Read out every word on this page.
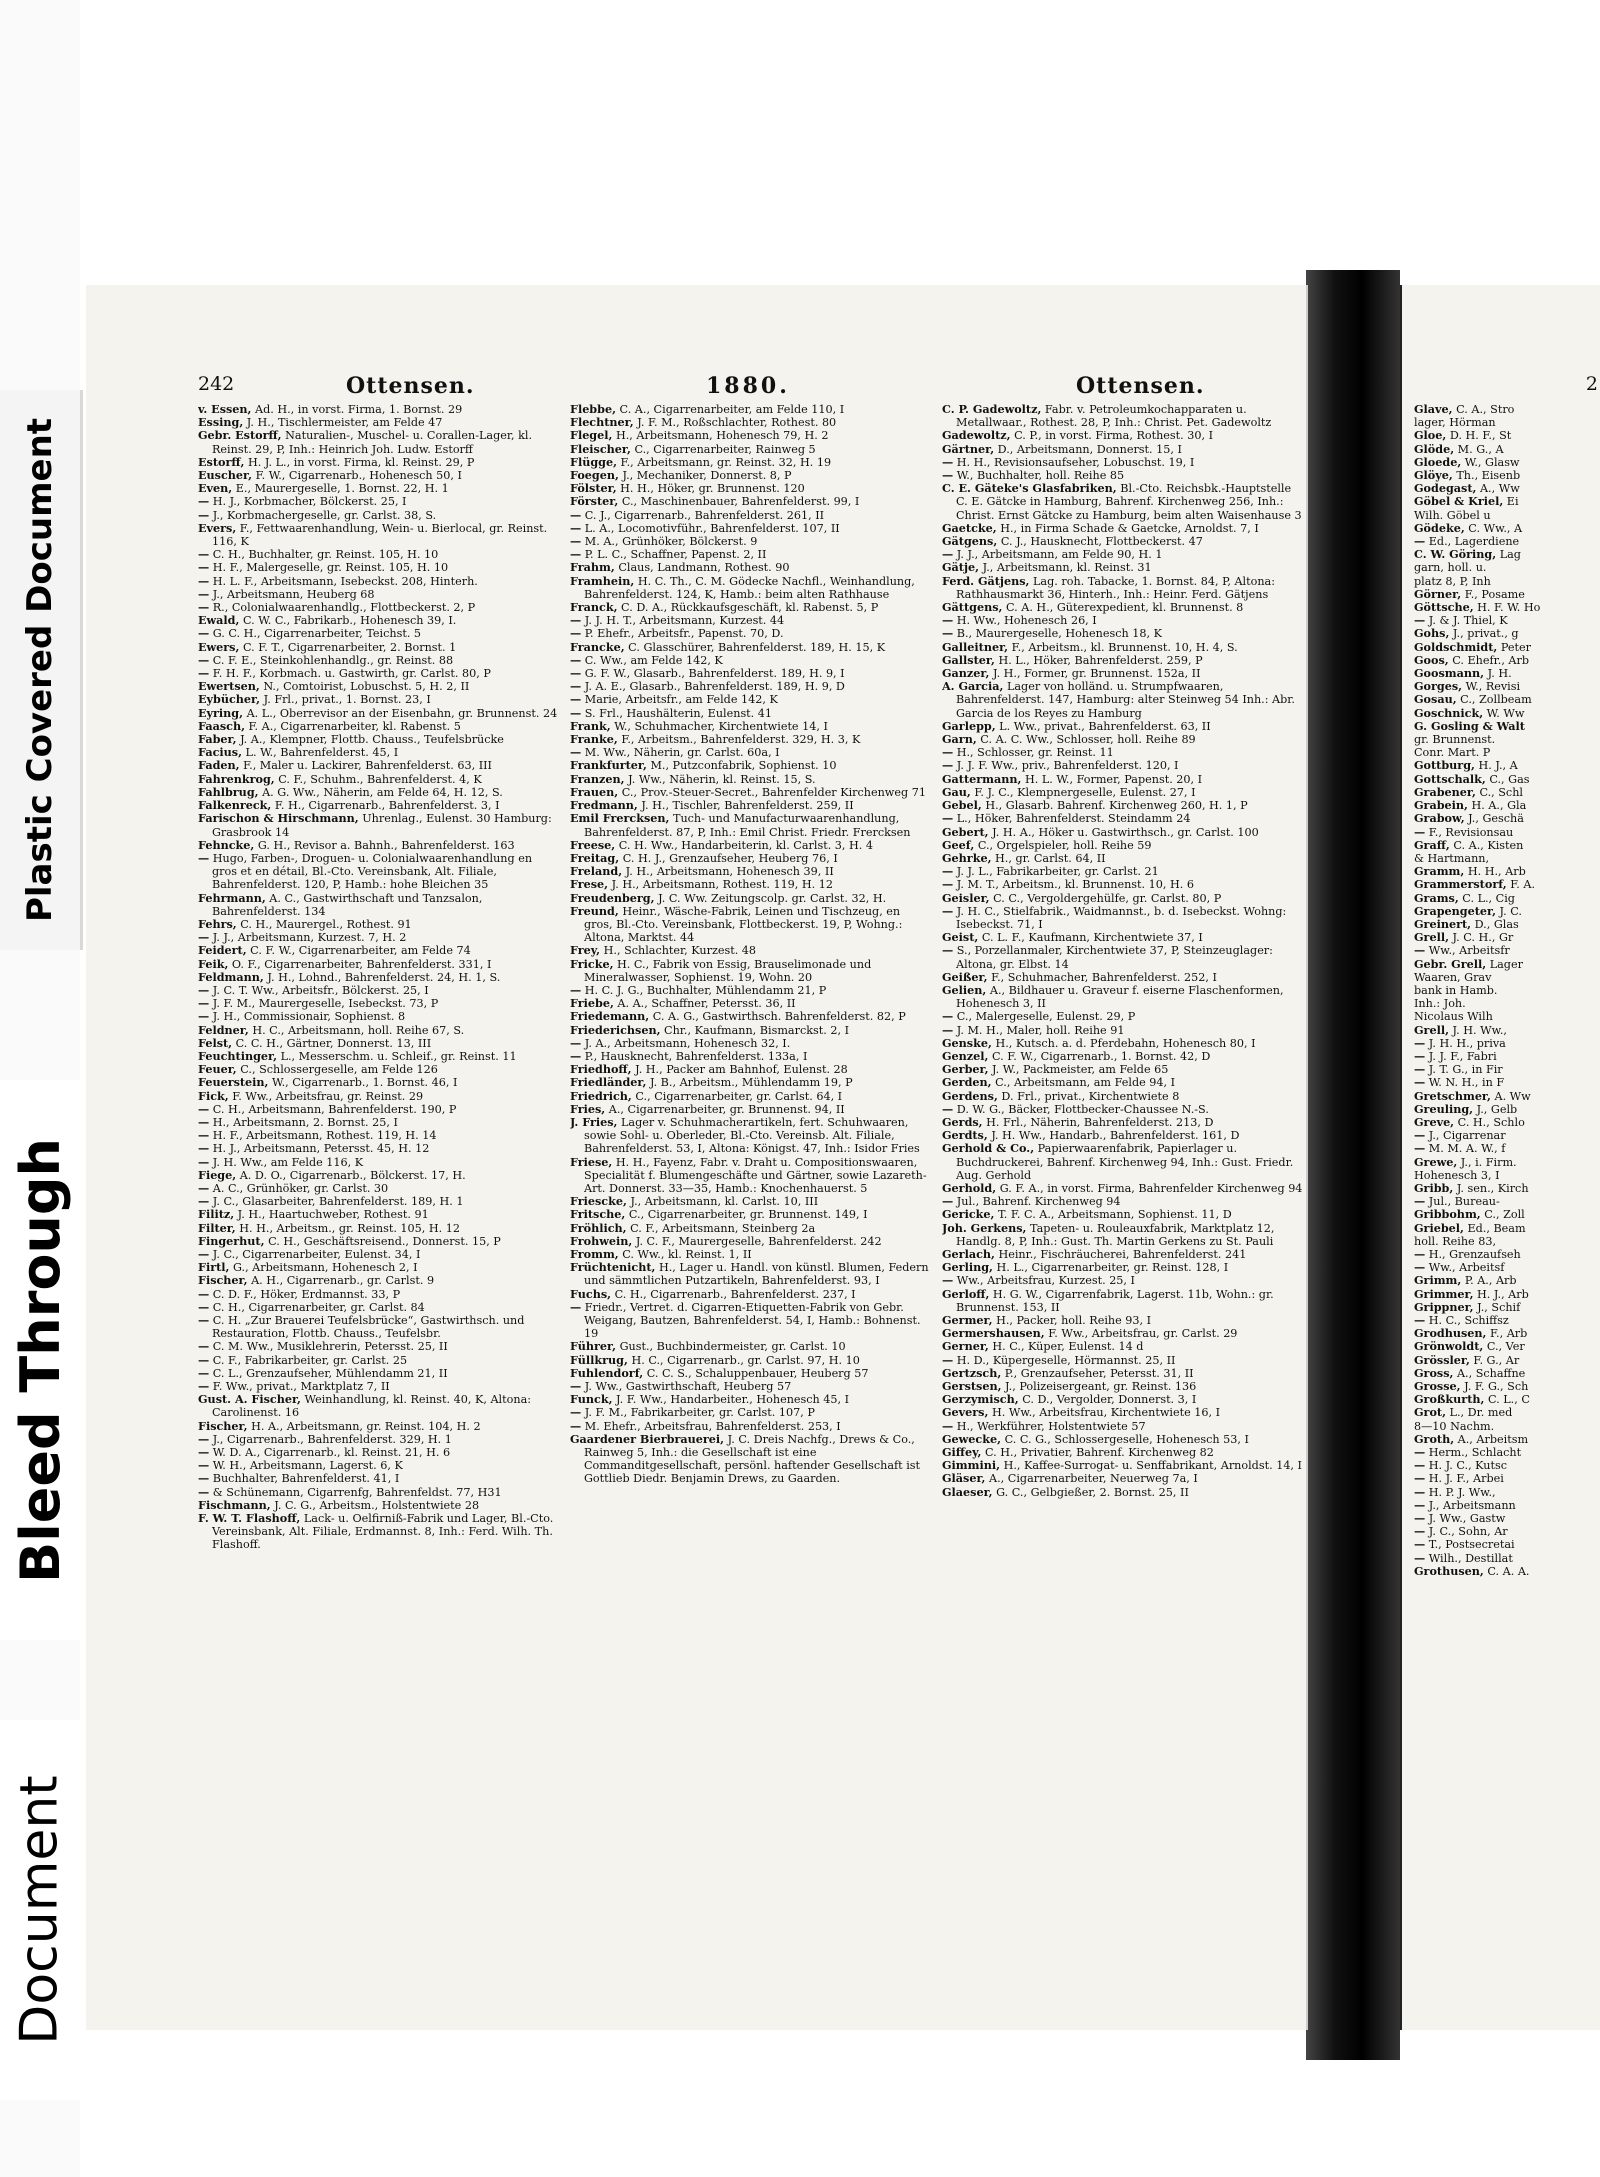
Plastic Covered Document
Bleed Through
Document
242	Ottensen.	1880.	Ottensen.
v. Essen, Ad. H., in vorst. Firma, 1. Bornst. 29
Essing, J. H., Tischlermeister, am Felde 47
Gebr. Estorff, Naturalien-, Muschel- u. Corallen-Lager, kl. Reinst. 29, P, Inh.: Heinrich Joh. Ludw. Estorff
Estorff, H. J. L., in vorst. Firma, kl. Reinst. 29, P
Euscher, F. W., Cigarrenarb., Hohenesch 50, I
Even, E., Maurergeselle, 1. Bornst. 22, H. 1
— H. J., Korbmacher, Bölckerst. 25, I
— J., Korbmachergeselle, gr. Carlst. 38, S.
Evers, F., Fettwaarenhandlung, Wein- u. Bierlocal, gr. Reinst. 116, K
— C. H., Buchhalter, gr. Reinst. 105, H. 10
— H. F., Malergeselle, gr. Reinst. 105, H. 10
— H. L. F., Arbeitsmann, Isebeckst. 208, Hinterh.
— J., Arbeitsmann, Heuberg 68
— R., Colonialwaarenhandlg., Flottbeckerst. 2, P
Ewald, C. W. C., Fabrikarb., Hohenesch 39, I.
— G. C. H., Cigarrenarbeiter, Teichst. 5
Ewers, C. F. T., Cigarrenarbeiter, 2. Bornst. 1
— C. F. E., Steinkohlenhandlg., gr. Reinst. 88
— F. H. F., Korbmach. u. Gastwirth, gr. Carlst. 80, P
Ewertsen, N., Comtoirist, Lobuschst. 5, H. 2, II
Eybücher, J. Frl., privat., 1. Bornst. 23, I
Eyring, A. L., Oberrevisor an der Eisenbahn, gr. Brunnenst. 24
Faasch, F. A., Cigarrenarbeiter, kl. Rabenst. 5
Faber, J. A., Klempner, Flottb. Chauss., Teufelsbrücke
Facius, L. W., Bahrenfelderst. 45, I
Faden, F., Maler u. Lackirer, Bahrenfelderst. 63, III
Fahrenkrog, C. F., Schuhm., Bahrenfelderst. 4, K
Fahlbrug, A. G. Ww., Näherin, am Felde 64, H. 12, S.
Falkenreck, F. H., Cigarrenarb., Bahrenfelderst. 3, I
Farischon & Hirschmann, Uhrenlag., Eulenst. 30 Hamburg: Grasbrook 14
Fehncke, G. H., Revisor a. Bahnh., Bahrenfelderst. 163
— Hugo, Farben-, Droguen- u. Colonialwaarenhandlung en gros et en détail, Bl.-Cto. Vereinsbank, Alt. Filiale, Bahrenfelderst. 120, P, Hamb.: hohe Bleichen 35
Fehrmann, A. C., Gastwirthschaft und Tanzsalon, Bahrenfelderst. 134
Fehrs, C. H., Maurergel., Rothest. 91
— J. J., Arbeitsmann, Kurzest. 7, H. 2
Feidert, C. F. W., Cigarrenarbeiter, am Felde 74
Feik, O. F., Cigarrenarbeiter, Bahrenfelderst. 331, I
Feldmann, J. H., Lohnd., Bahrenfelderst. 24, H. 1, S.
— J. C. T. Ww., Arbeitsfr., Bölckerst. 25, I
— J. F. M., Maurergeselle, Isebeckst. 73, P
— J. H., Commissionair, Sophienst. 8
Feldner, H. C., Arbeitsmann, holl. Reihe 67, S.
Felst, C. C. H., Gärtner, Donnerst. 13, III
Feuchtinger, L., Messerschm. u. Schleif., gr. Reinst. 11
Feuer, C., Schlossergeselle, am Felde 126
Feuerstein, W., Cigarrenarb., 1. Bornst. 46, I
Fick, F. Ww., Arbeitsfrau, gr. Reinst. 29
— C. H., Arbeitsmann, Bahrenfelderst. 190, P
— H., Arbeitsmann, 2. Bornst. 25, I
— H. F., Arbeitsmann, Rothest. 119, H. 14
— H. J., Arbeitsmann, Petersst. 45, H. 12
— J. H. Ww., am Felde 116, K
Fiege, A. D. O., Cigarrenarb., Bölckerst. 17, H.
— A. C., Grünhöker, gr. Carlst. 30
— J. C., Glasarbeiter, Bahrenfelderst. 189, H. 1
Filitz, J. H., Haartuchweber, Rothest. 91
Filter, H. H., Arbeitsm., gr. Reinst. 105, H. 12
Fingerhut, C. H., Geschäftsreisend., Donnerst. 15, P
— J. C., Cigarrenarbeiter, Eulenst. 34, I
Firtl, G., Arbeitsmann, Hohenesch 2, I
Fischer, A. H., Cigarrenarb., gr. Carlst. 9
— C. D. F., Höker, Erdmannst. 33, P
— C. H., Cigarrenarbeiter, gr. Carlst. 84
— C. H. „Zur Brauerei Teufelsbrücke“, Gastwirthsch. und Restauration, Flottb. Chauss., Teufelsbr.
— C. M. Ww., Musiklehrerin, Petersst. 25, II
— C. F., Fabrikarbeiter, gr. Carlst. 25
— C. L., Grenzaufseher, Mühlendamm 21, II
— F. Ww., privat., Marktplatz 7, II
Gust. A. Fischer, Weinhandlung, kl. Reinst. 40, K, Altona: Carolinenst. 16
Fischer, H. A., Arbeitsmann, gr. Reinst. 104, H. 2
— J., Cigarrenarb., Bahrenfelderst. 329, H. 1
— W. D. A., Cigarrenarb., kl. Reinst. 21, H. 6
— W. H., Arbeitsmann, Lagerst. 6, K
— Buchhalter, Bahrenfelderst. 41, I
— & Schünemann, Cigarrenfg, Bahrenfeldst. 77, H31
Fischmann, J. C. G., Arbeitsm., Holstentwiete 28
F. W. T. Flashoff, Lack- u. Oelfirniß-Fabrik und Lager, Bl.-Cto. Vereinsbank, Alt. Filiale, Erdmannst. 8, Inh.: Ferd. Wilh. Th. Flashoff.
Flebbe, C. A., Cigarrenarbeiter, am Felde 110, I
Flechtner, J. F. M., Roßschlachter, Rothest. 80
Flegel, H., Arbeitsmann, Hohenesch 79, H. 2
Fleischer, C., Cigarrenarbeiter, Rainweg 5
Flügge, F., Arbeitsmann, gr. Reinst. 32, H. 19
Foegen, J., Mechaniker, Donnerst. 8, P
Fölster, H. H., Höker, gr. Brunnenst. 120
Förster, C., Maschinenbauer, Bahrenfelderst. 99, I
— C. J., Cigarrenarb., Bahrenfelderst. 261, II
— L. A., Locomotivführ., Bahrenfelderst. 107, II
— M. A., Grünhöker, Bölckerst. 9
— P. L. C., Schaffner, Papenst. 2, II
Frahm, Claus, Landmann, Rothest. 90
Framhein, H. C. Th., C. M. Gödecke Nachfl., Weinhandlung, Bahrenfelderst. 124, K, Hamb.: beim alten Rathhause
Franck, C. D. A., Rückkaufsgeschäft, kl. Rabenst. 5, P
— J. J. H. T., Arbeitsmann, Kurzest. 44
— P. Ehefr., Arbeitsfr., Papenst. 70, D.
Francke, C. Glasschürer, Bahrenfelderst. 189, H. 15, K
— C. Ww., am Felde 142, K
— G. F. W., Glasarb., Bahrenfelderst. 189, H. 9, I
— J. A. E., Glasarb., Bahrenfelderst. 189, H. 9, D
— Marie, Arbeitsfr., am Felde 142, K
— S. Frl., Haushälterin, Eulenst. 41
Frank, W., Schuhmacher, Kirchentwiete 14, I
Franke, F., Arbeitsm., Bahrenfelderst. 329, H. 3, K
— M. Ww., Näherin, gr. Carlst. 60a, I
Frankfurter, M., Putzconfabrik, Sophienst. 10
Franzen, J. Ww., Näherin, kl. Reinst. 15, S.
Frauen, C., Prov.-Steuer-Secret., Bahrenfelder Kirchenweg 71
Fredmann, J. H., Tischler, Bahrenfelderst. 259, II
Emil Frercksen, Tuch- und Manufacturwaarenhandlung, Bahrenfelderst. 87, P, Inh.: Emil Christ. Friedr. Frercksen
Freese, C. H. Ww., Handarbeiterin, kl. Carlst. 3, H. 4
Freitag, C. H. J., Grenzaufseher, Heuberg 76, I
Freland, J. H., Arbeitsmann, Hohenesch 39, II
Frese, J. H., Arbeitsmann, Rothest. 119, H. 12
Freudenberg, J. C. Ww. Zeitungscolp. gr. Carlst. 32, H.
Freund, Heinr., Wäsche-Fabrik, Leinen und Tischzeug, en gros, Bl.-Cto. Vereinsbank, Flottbeckerst. 19, P, Wohng.: Altona, Marktst. 44
Frey, H., Schlachter, Kurzest. 48
Fricke, H. C., Fabrik von Essig, Brauselimonade und Mineralwasser, Sophienst. 19, Wohn. 20
— H. C. J. G., Buchhalter, Mühlendamm 21, P
Friebe, A. A., Schaffner, Petersst. 36, II
Friedemann, C. A. G., Gastwirthsch. Bahrenfelderst. 82, P
Friederichsen, Chr., Kaufmann, Bismarckst. 2, I
— J. A., Arbeitsmann, Hohenesch 32, I.
— P., Hausknecht, Bahrenfelderst. 133a, I
Friedhoff, J. H., Packer am Bahnhof, Eulenst. 28
Friedländer, J. B., Arbeitsm., Mühlendamm 19, P
Friedrich, C., Cigarrenarbeiter, gr. Carlst. 64, I
Fries, A., Cigarrenarbeiter, gr. Brunnenst. 94, II
J. Fries, Lager v. Schuhmacherartikeln, fert. Schuhwaaren, sowie Sohl- u. Oberleder, Bl.-Cto. Vereinsb. Alt. Filiale, Bahrenfelderst. 53, I, Altona: Königst. 47, Inh.: Isidor Fries
Friese, H. H., Fayenz, Fabr. v. Draht u. Compositionswaaren, Specialität f. Blumengeschäfte und Gärtner, sowie Lazareth-Art. Donnerst. 33—35, Hamb.: Knochenhauerst. 5
Friescke, J., Arbeitsmann, kl. Carlst. 10, III
Fritsche, C., Cigarrenarbeiter, gr. Brunnenst. 149, I
Fröhlich, C. F., Arbeitsmann, Steinberg 2a
Frohwein, J. C. F., Maurergeselle, Bahrenfelderst. 242
Fromm, C. Ww., kl. Reinst. 1, II
Früchtenicht, H., Lager u. Handl. von künstl. Blumen, Federn und sämmtlichen Putzartikeln, Bahrenfelderst. 93, I
Fuchs, C. H., Cigarrenarb., Bahrenfelderst. 237, I
— Friedr., Vertret. d. Cigarren-Etiquetten-Fabrik von Gebr. Weigang, Bautzen, Bahrenfelderst. 54, I, Hamb.: Bohnenst. 19
Führer, Gust., Buchbindermeister, gr. Carlst. 10
Füllkrug, H. C., Cigarrenarb., gr. Carlst. 97, H. 10
Fuhlendorf, C. C. S., Schaluppenbauer, Heuberg 57
— J. Ww., Gastwirthschaft, Heuberg 57
Funck, J. F. Ww., Handarbeiter., Hohenesch 45, I
— J. F. M., Fabrikarbeiter, gr. Carlst. 107, P
— M. Ehefr., Arbeitsfrau, Bahrenfelderst. 253, I
Gaardener Bierbrauerei, J. C. Dreis Nachfg., Drews & Co., Rainweg 5, Inh.: die Gesellschaft ist eine Commanditgesellschaft, persönl. haftender Gesellschaft ist Gottlieb Diedr. Benjamin Drews, zu Gaarden.
C. P. Gadewoltz, Fabr. v. Petroleumkochapparaten u. Metallwaar., Rothest. 28, P, Inh.: Christ. Pet. Gadewoltz
Gadewoltz, C. P., in vorst. Firma, Rothest. 30, I
Gärtner, D., Arbeitsmann, Donnerst. 15, I
— H. H., Revisionsaufseher, Lobuschst. 19, I
— W., Buchhalter, holl. Reihe 85
C. E. Gäteke's Glasfabriken, Bl.-Cto. Reichsbk.-Hauptstelle C. E. Gätcke in Hamburg, Bahrenf. Kirchenweg 256, Inh.: Christ. Ernst Gätcke zu Hamburg, beim alten Waisenhause 3
Gaetcke, H., in Firma Schade & Gaetcke, Arnoldst. 7, I
Gätgens, C. J., Hausknecht, Flottbeckerst. 47
— J. J., Arbeitsmann, am Felde 90, H. 1
Gätje, J., Arbeitsmann, kl. Reinst. 31
Ferd. Gätjens, Lag. roh. Tabacke, 1. Bornst. 84, P, Altona: Rathhausmarkt 36, Hinterh., Inh.: Heinr. Ferd. Gätjens
Gättgens, C. A. H., Güterexpedient, kl. Brunnenst. 8
— H. Ww., Hohenesch 26, I
— B., Maurergeselle, Hohenesch 18, K
Galleitner, F., Arbeitsm., kl. Brunnenst. 10, H. 4, S.
Gallster, H. L., Höker, Bahrenfelderst. 259, P
Ganzer, J. H., Former, gr. Brunnenst. 152a, II
A. Garcia, Lager von holländ. u. Strumpfwaaren, Bahrenfelderst. 147, Hamburg: alter Steinweg 54 Inh.: Abr. Garcia de los Reyes zu Hamburg
Garlepp, L. Ww., privat., Bahrenfelderst. 63, II
Garn, C. A. C. Ww., Schlosser, holl. Reihe 89
— H., Schlosser, gr. Reinst. 11
— J. J. F. Ww., priv., Bahrenfelderst. 120, I
Gattermann, H. L. W., Former, Papenst. 20, I
Gau, F. J. C., Klempnergeselle, Eulenst. 27, I
Gebel, H., Glasarb. Bahrenf. Kirchenweg 260, H. 1, P
— L., Höker, Bahrenfelderst. Steindamm 24
Gebert, J. H. A., Höker u. Gastwirthsch., gr. Carlst. 100
Geef, C., Orgelspieler, holl. Reihe 59
Gehrke, H., gr. Carlst. 64, II
— J. J. L., Fabrikarbeiter, gr. Carlst. 21
— J. M. T., Arbeitsm., kl. Brunnenst. 10, H. 6
Geisler, C. C., Vergoldergehülfe, gr. Carlst. 80, P
— J. H. C., Stielfabrik., Waidmannst., b. d. Isebeckst. Wohng: Isebeckst. 71, I
Geist, C. L. F., Kaufmann, Kirchentwiete 37, I
— S., Porzellanmaler, Kirchentwiete 37, P, Steinzeuglager: Altona, gr. Elbst. 14
Geißer, F., Schuhmacher, Bahrenfelderst. 252, I
Gelien, A., Bildhauer u. Graveur f. eiserne Flaschenformen, Hohenesch 3, II
— C., Malergeselle, Eulenst. 29, P
— J. M. H., Maler, holl. Reihe 91
Genske, H., Kutsch. a. d. Pferdebahn, Hohenesch 80, I
Genzel, C. F. W., Cigarrenarb., 1. Bornst. 42, D
Gerber, J. W., Packmeister, am Felde 65
Gerden, C., Arbeitsmann, am Felde 94, I
Gerdens, D. Frl., privat., Kirchentwiete 8
— D. W. G., Bäcker, Flottbecker-Chaussee N.-S.
Gerds, H. Frl., Näherin, Bahrenfelderst. 213, D
Gerdts, J. H. Ww., Handarb., Bahrenfelderst. 161, D
Gerhold & Co., Papierwaarenfabrik, Papierlager u. Buchdruckerei, Bahrenf. Kirchenweg 94, Inh.: Gust. Friedr. Aug. Gerhold
Gerhold, G. F. A., in vorst. Firma, Bahrenfelder Kirchenweg 94
— Jul., Bahrenf. Kirchenweg 94
Gericke, T. F. C. A., Arbeitsmann, Sophienst. 11, D
Joh. Gerkens, Tapeten- u. Rouleauxfabrik, Marktplatz 12, Handlg. 8, P, Inh.: Gust. Th. Martin Gerkens zu St. Pauli
Gerlach, Heinr., Fischräucherei, Bahrenfelderst. 241
Gerling, H. L., Cigarrenarbeiter, gr. Reinst. 128, I
— Ww., Arbeitsfrau, Kurzest. 25, I
Gerloff, H. G. W., Cigarrenfabrik, Lagerst. 11b, Wohn.: gr. Brunnenst. 153, II
Germer, H., Packer, holl. Reihe 93, I
Germershausen, F. Ww., Arbeitsfrau, gr. Carlst. 29
Gerner, H. C., Küper, Eulenst. 14 d
— H. D., Küpergeselle, Hörmannst. 25, II
Gertzsch, P., Grenzaufseher, Petersst. 31, II
Gerstsen, J., Polizeisergeant, gr. Reinst. 136
Gerzymisch, C. D., Vergolder, Donnerst. 3, I
Gevers, H. Ww., Arbeitsfrau, Kirchentwiete 16, I
— H., Werkführer, Holstentwiete 57
Gewecke, C. C. G., Schlossergeselle, Hohenesch 53, I
Giffey, C. H., Privatier, Bahrenf. Kirchenweg 82
Gimmini, H., Kaffee-Surrogat- u. Senffabrikant, Arnoldst. 14, I
Gläser, A., Cigarrenarbeiter, Neuerweg 7a, I
Glaeser, G. C., Gelbgießer, 2. Bornst. 25, II
2
Glave, C. A., Stro
lager, Hörman
Gloe, D. H. F., St
Glöde, M. G., A
Gloede, W., Glasw
Glöye, Th., Eisenb
Godegast, A., Ww
Göbel & Kriel, Ei
Wilh. Göbel u
Gödeke, C. Ww., A
— Ed., Lagerdiene
C. W. Göring, Lag
garn, holl. u.
platz 8, P, Inh
Görner, F., Posame
Göttsche, H. F. W. Ho
— J. & J. Thiel, K
Gohs, J., privat., g
Goldschmidt, Peter
Goos, C. Ehefr., Arb
Goosmann, J. H.
Gorges, W., Revisi
Gosau, C., Zollbeam
Goschnick, W. Ww
G. Gosling & Walt
gr. Brunnenst.
Conr. Mart. P
Gottburg, H. J., A
Gottschalk, C., Gas
Grabener, C., Schl
Grabein, H. A., Gla
Grabow, J., Geschä
— F., Revisionsau
Graff, C. A., Kisten
& Hartmann,
Gramm, H. H., Arb
Grammerstorf, F. A.
Grams, C. L., Cig
Grapengeter, J. C.
Greinert, D., Glas
Grell, J. C. H., Gr
— Ww., Arbeitsfr
Gebr. Grell, Lager
Waaren, Grav
bank in Hamb.
Inh.: Joh.
Nicolaus Wilh
Grell, J. H. Ww.,
— J. H. H., priva
— J. J. F., Fabri
— J. T. G., in Fir
— W. N. H., in F
Gretschmer, A. Ww
Greuling, J., Gelb
Greve, C. H., Schlo
— J., Cigarrenar
— M. M. A. W., f
Grewe, J., i. Firm.
Hohenesch 3, I
Gribb, J. sen., Kirch
— Jul., Bureau-
Gribbohm, C., Zoll
Griebel, Ed., Beam
holl. Reihe 83,
— H., Grenzaufseh
— Ww., Arbeitsf
Grimm, P. A., Arb
Grimmer, H. J., Arb
Grippner, J., Schif
— H. C., Schiffsz
Grodhusen, F., Arb
Grönwoldt, C., Ver
Grössler, F. G., Ar
Gross, A., Schaffne
Grosse, J. F. G., Sch
Großkurth, C. L., C
Grot, L., Dr. med
8—10 Nachm.
Groth, A., Arbeitsm
— Herm., Schlacht
— H. J. C., Kutsc
— H. J. F., Arbei
— H. P. J. Ww.,
— J., Arbeitsmann
— J. Ww., Gastw
— J. C., Sohn, Ar
— T., Postsecretai
— Wilh., Destillat
Grothusen, C. A. A.
